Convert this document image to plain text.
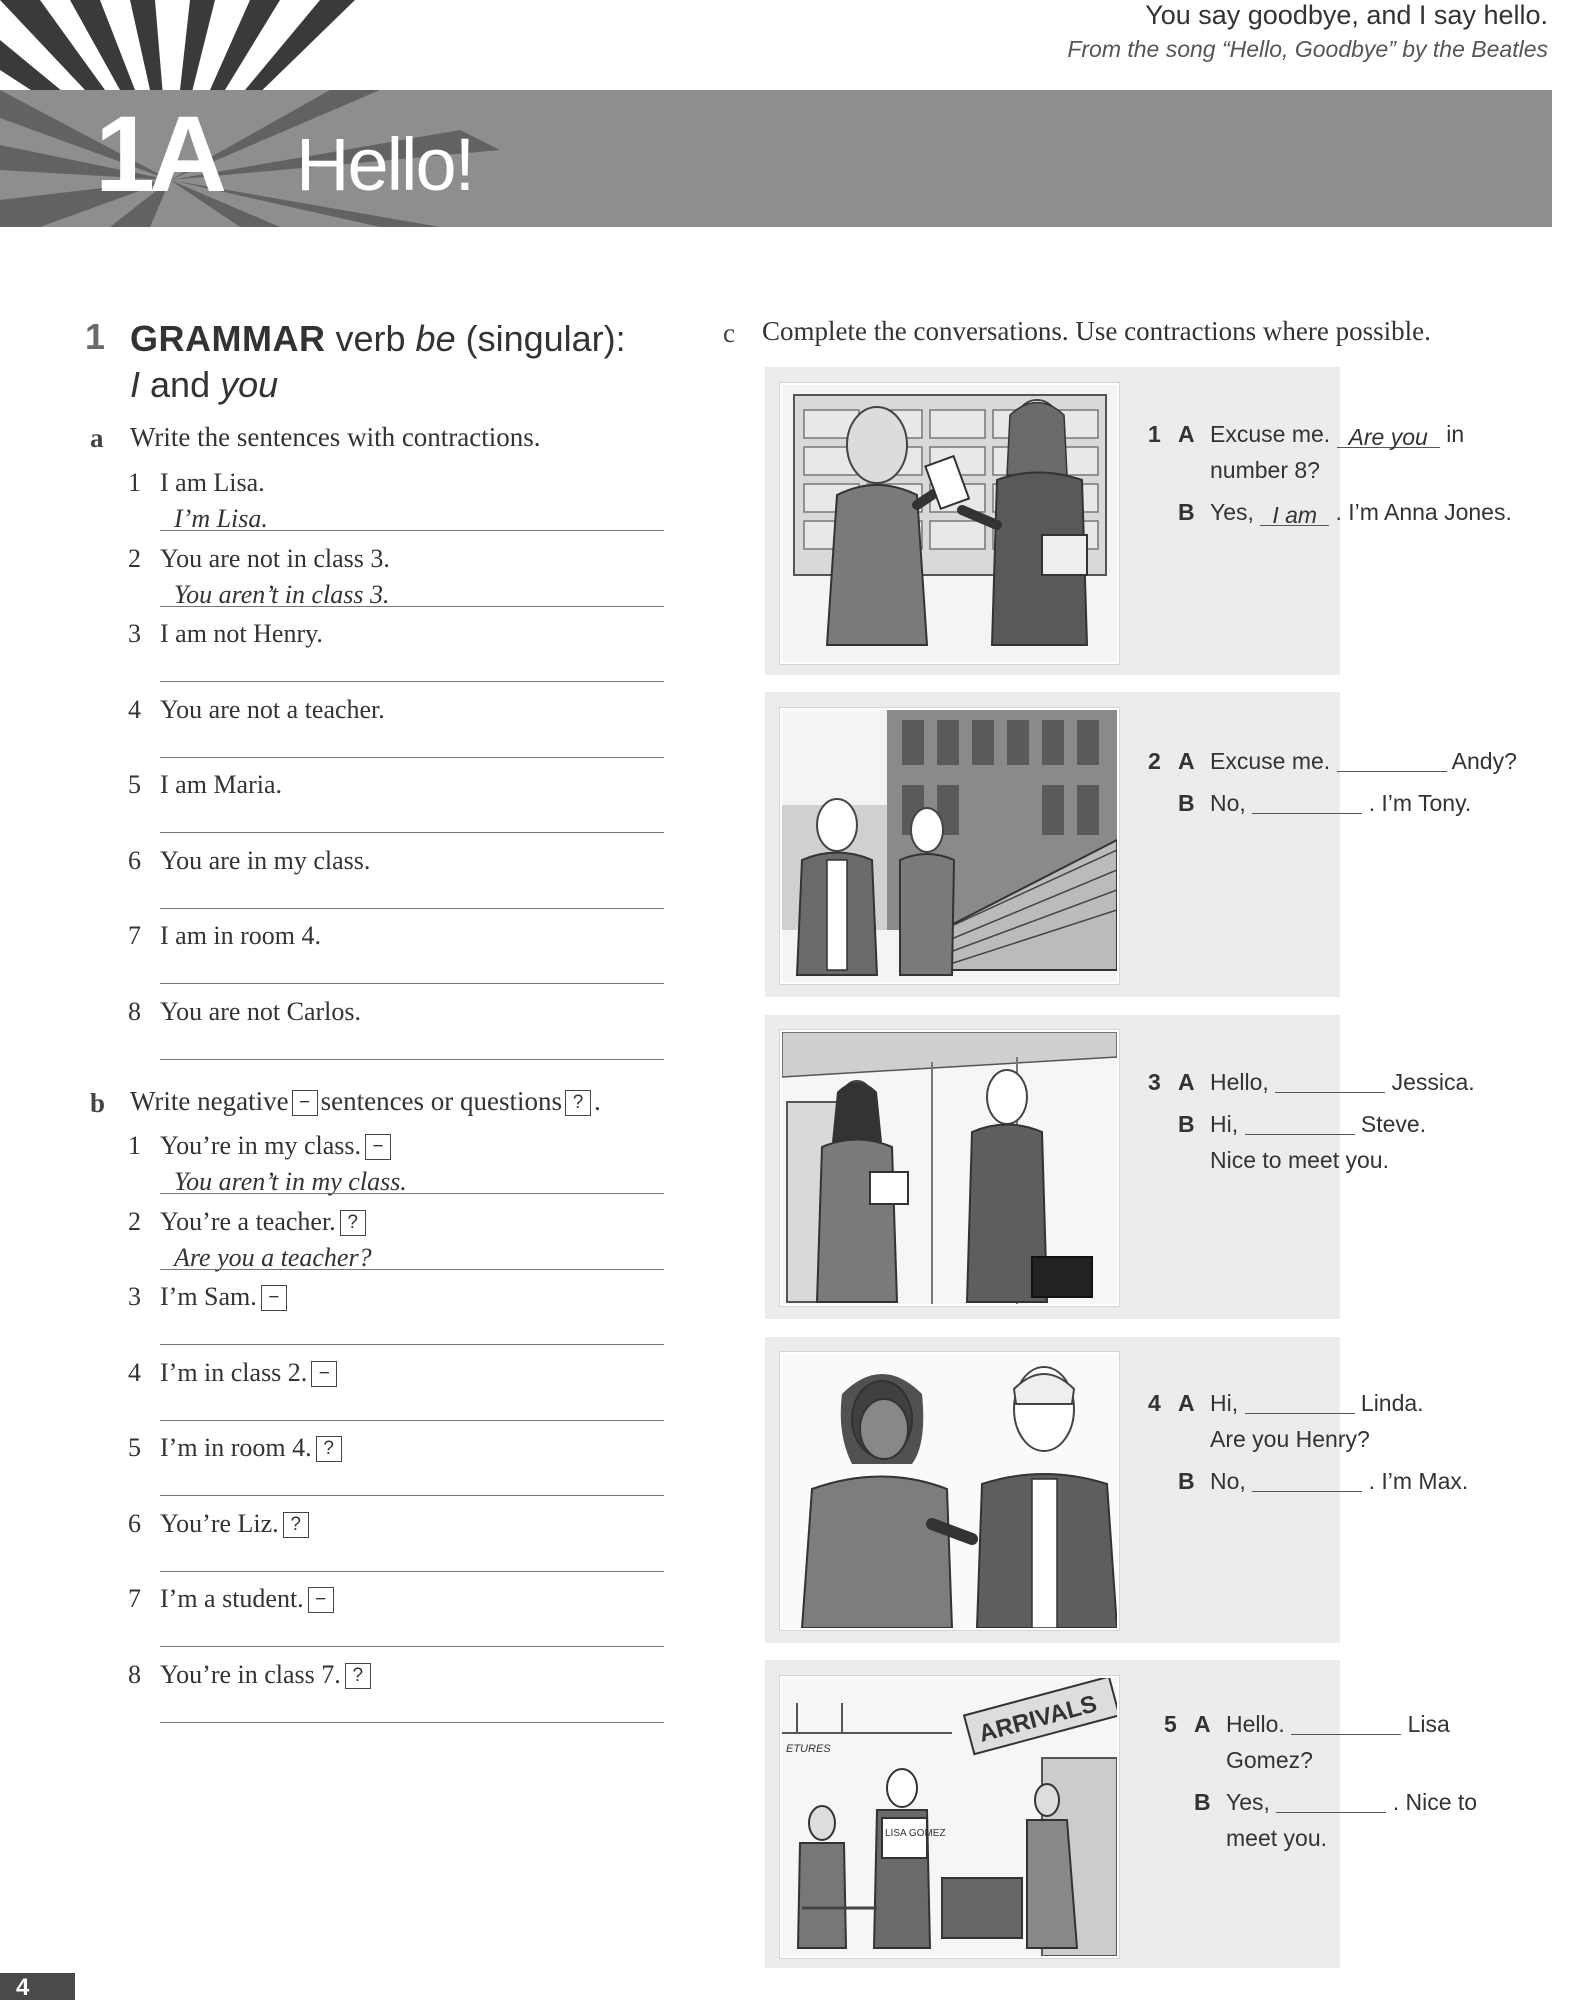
You say goodbye, and I say hello.
From the song “Hello, Goodbye” by the Beatles
1A Hello!
1 GRAMMAR verb be (singular):
I and you
a Write the sentences with contractions.
1 I am Lisa.
I’m Lisa.
2 You are not in class 3.
You aren’t in class 3.
3 I am not Henry.
4 You are not a teacher.
5 I am Maria.
6 You are in my class.
7 I am in room 4.
8 You are not Carlos.
b Write negative − sentences or questions ? .
1 You’re in my class. −
You aren’t in my class.
2 You’re a teacher. ?
Are you a teacher?
3 I’m Sam. −
4 I’m in class 2. −
5 I’m in room 4. ?
6 You’re Liz. ?
7 I’m a student. −
8 You’re in class 7. ?
c Complete the conversations. Use contractions where possible.
ETURES
ARRIVALS
LISA GOMEZ
1 A Excuse me. Are you in
number 8?
B Yes, I am . I’m Anna Jones.
2 A Excuse me.	Andy?
B No,	. I’m Tony.
3 A Hello,	Jessica.
B Hi,	Steve.
Nice to meet you.
4 A Hi,	Linda.
Are you Henry?
B No,	. I’m Max.
5 A Hello.	Lisa
Gomez?
B Yes,	. Nice to
meet you.
4
